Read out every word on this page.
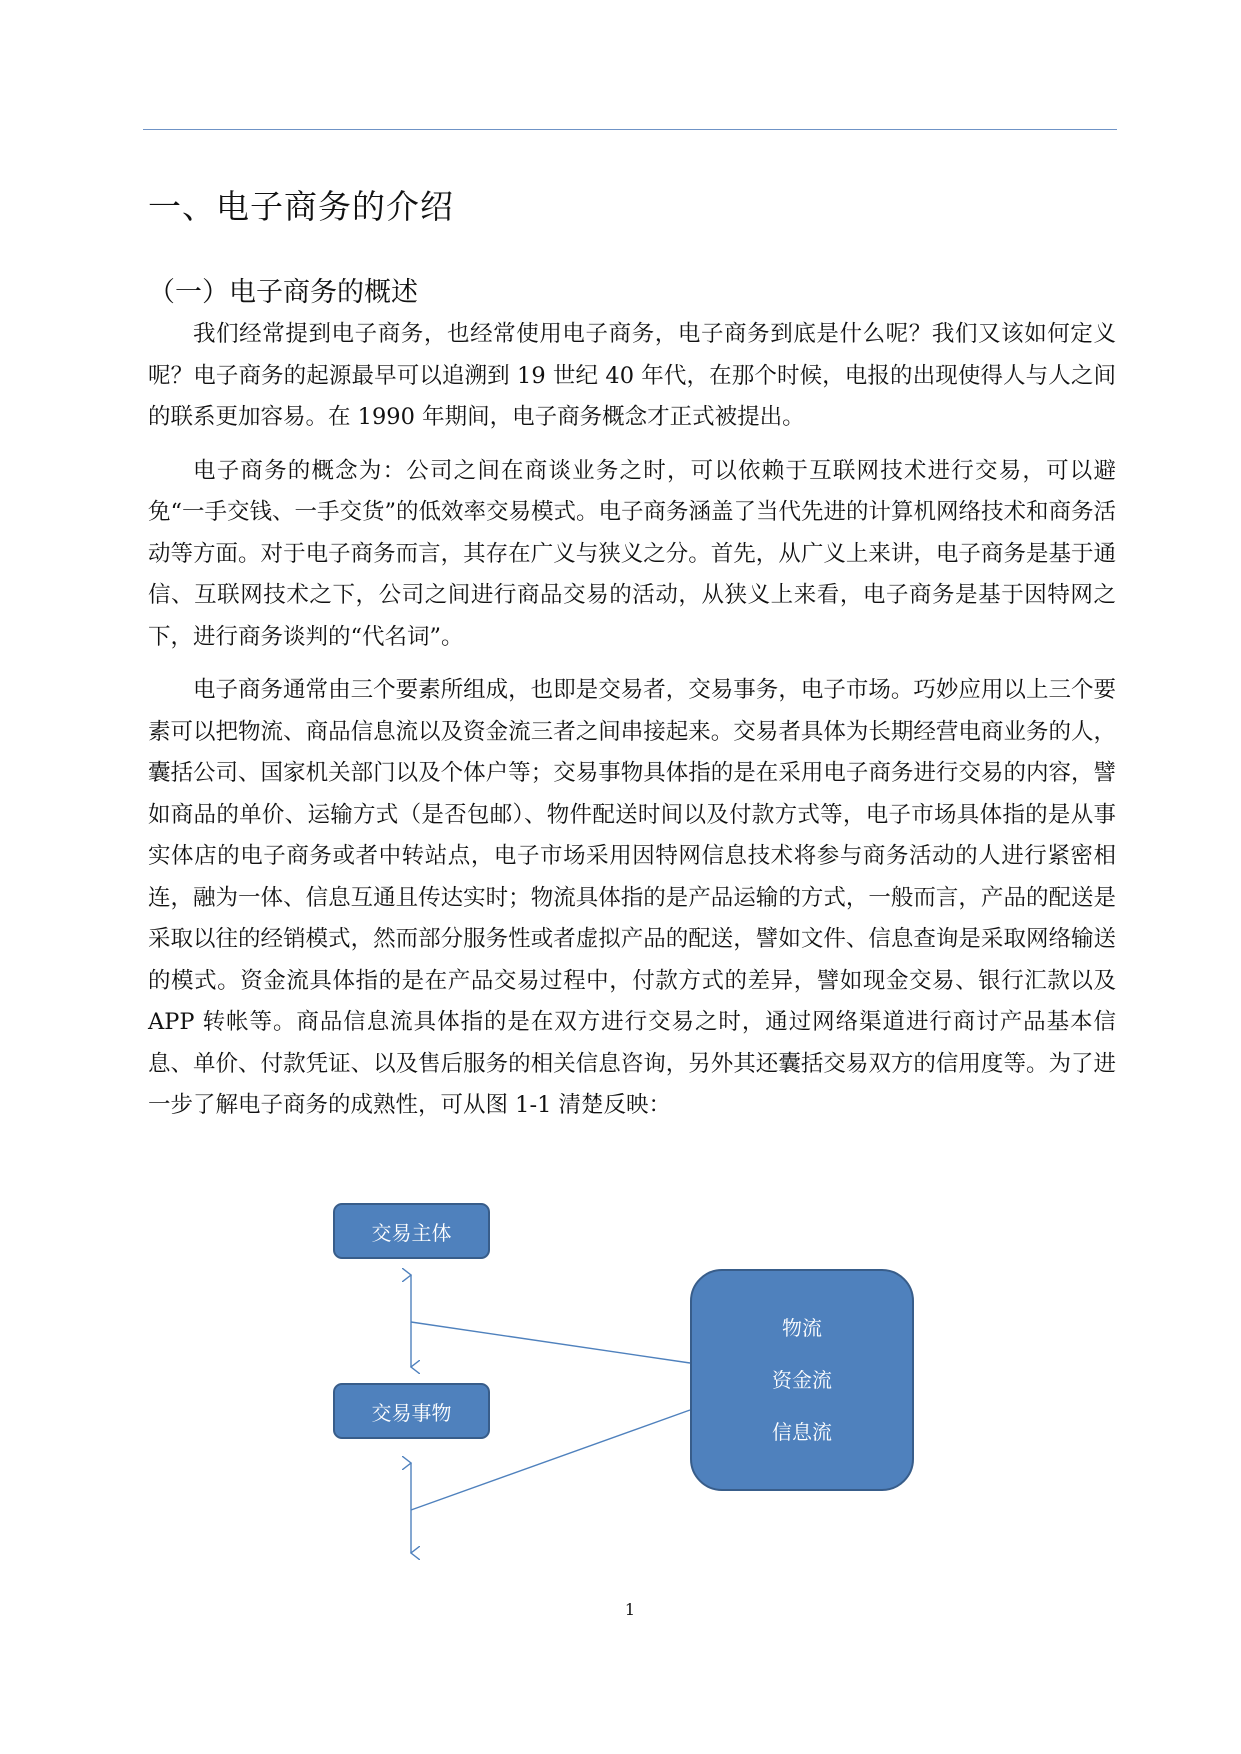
一、电子商务的介绍
（一）电子商务的概述

我们经常提到电子商务，也经常使用电子商务，电子商务到底是什么呢？我们又该如何定义呢？电子商务的起源最早可以追溯到 19 世纪 40 年代，在那个时候，电报的出现使得人与人之间的联系更加容易。在 1990 年期间，电子商务概念才正式被提出。

电子商务的概念为：公司之间在商谈业务之时，可以依赖于互联网技术进行交易，可以避免“一手交钱、一手交货”的低效率交易模式。电子商务涵盖了当代先进的计算机网络技术和商务活动等方面。对于电子商务而言，其存在广义与狭义之分。首先，从广义上来讲，电子商务是基于通信、互联网技术之下，公司之间进行商品交易的活动，从狭义上来看，电子商务是基于因特网之下，进行商务谈判的“代名词”。

电子商务通常由三个要素所组成，也即是交易者，交易事务，电子市场。巧妙应用以上三个要素可以把物流、商品信息流以及资金流三者之间串接起来。交易者具体为长期经营电商业务的人，囊括公司、国家机关部门以及个体户等；交易事物具体指的是在采用电子商务进行交易的内容，譬如商品的单价、运输方式（是否包邮）、物件配送时间以及付款方式等，电子市场具体指的是从事实体店的电子商务或者中转站点，电子市场采用因特网信息技术将参与商务活动的人进行紧密相连，融为一体、信息互通且传达实时；物流具体指的是产品运输的方式，一般而言，产品的配送是采取以往的经销模式，然而部分服务性或者虚拟产品的配送，譬如文件、信息查询是采取网络输送的模式。资金流具体指的是在产品交易过程中，付款方式的差异，譬如现金交易、银行汇款以及 APP 转帐等。商品信息流具体指的是在双方进行交易之时，通过网络渠道进行商讨产品基本信息、单价、付款凭证、以及售后服务的相关信息咨询，另外其还囊括交易双方的信用度等。为了进一步了解电子商务的成熟性，可从图 1-1 清楚反映：

交易主体
交易事物
物流
资金流
信息流
1
